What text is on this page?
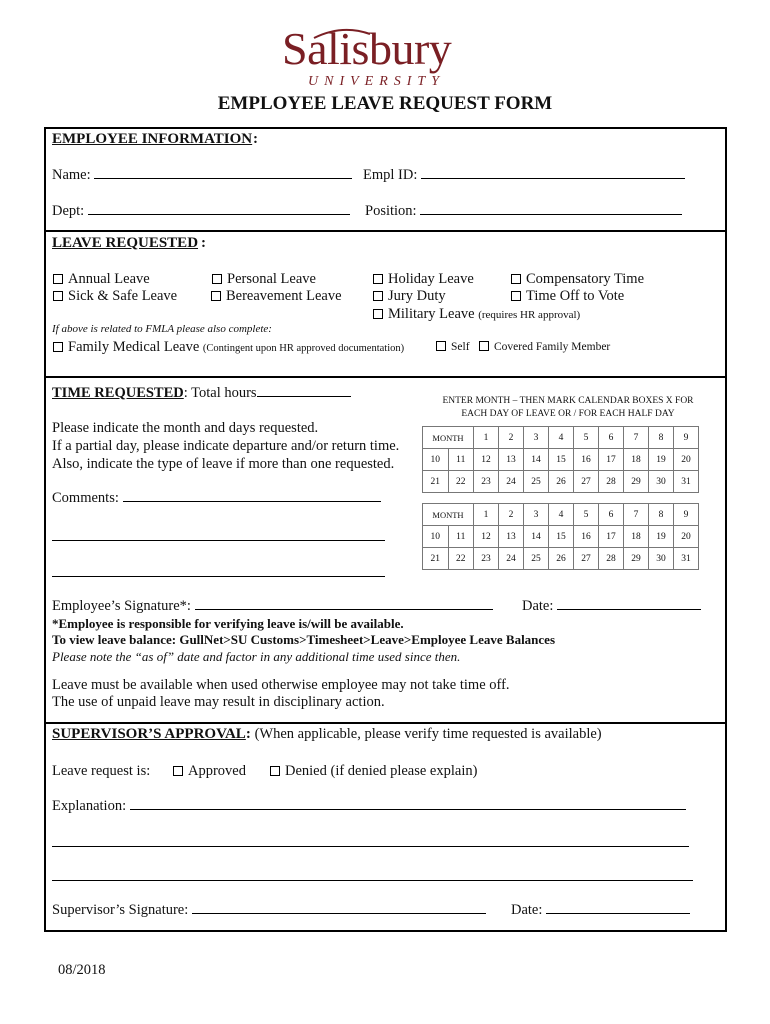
Salisbury
UNIVERSITY
EMPLOYEE LEAVE REQUEST FORM
EMPLOYEE INFORMATION :
Name:	Empl ID:
Dept:	Position:
LEAVE REQUESTED :
Annual Leave
Sick & Safe Leave
Personal Leave
Bereavement Leave
Holiday Leave
Jury Duty
Military Leave (requires HR approval)
Compensatory Time
Time Off to Vote
If above is related to FMLA please also complete:
Family Medical Leave (Contingent upon HR approved documentation)	Self	Covered Family Member
TIME REQUESTED: Total hours	ENTER MONTH – THEN MARK CALENDAR BOXES X FOR
EACH DAY OF LEAVE OR / FOR EACH HALF DAY
Please indicate the month and days requested.
If a partial day, please indicate departure and/or return time.
Also, indicate the type of leave if more than one requested.
MONTH		1	2	3	4	5	6	7	8	9
10	11	12	13	14	15	16	17	18	19	20
21	22	23	24	25	26	27	28	29	30	31
MONTH		1	2	3	4	5	6	7	8	9
10	11	12	13	14	15	16	17	18	19	20
21	22	23	24	25	26	27	28	29	30	31
Comments:
Employee’s Signature*:	Date:
*Employee is responsible for verifying leave is/will be available.
To view leave balance: GullNet>SU Customs>Timesheet>Leave>Employee Leave Balances
Please note the “as of” date and factor in any additional time used since then.
Leave must be available when used otherwise employee may not take time off.
The use of unpaid leave may result in disciplinary action.
SUPERVISOR’S APPROVAL: (When applicable, please verify time requested is available)
Leave request is:	Approved	Denied (if denied please explain)
Explanation:
Supervisor’s Signature:	Date:
08/2018
